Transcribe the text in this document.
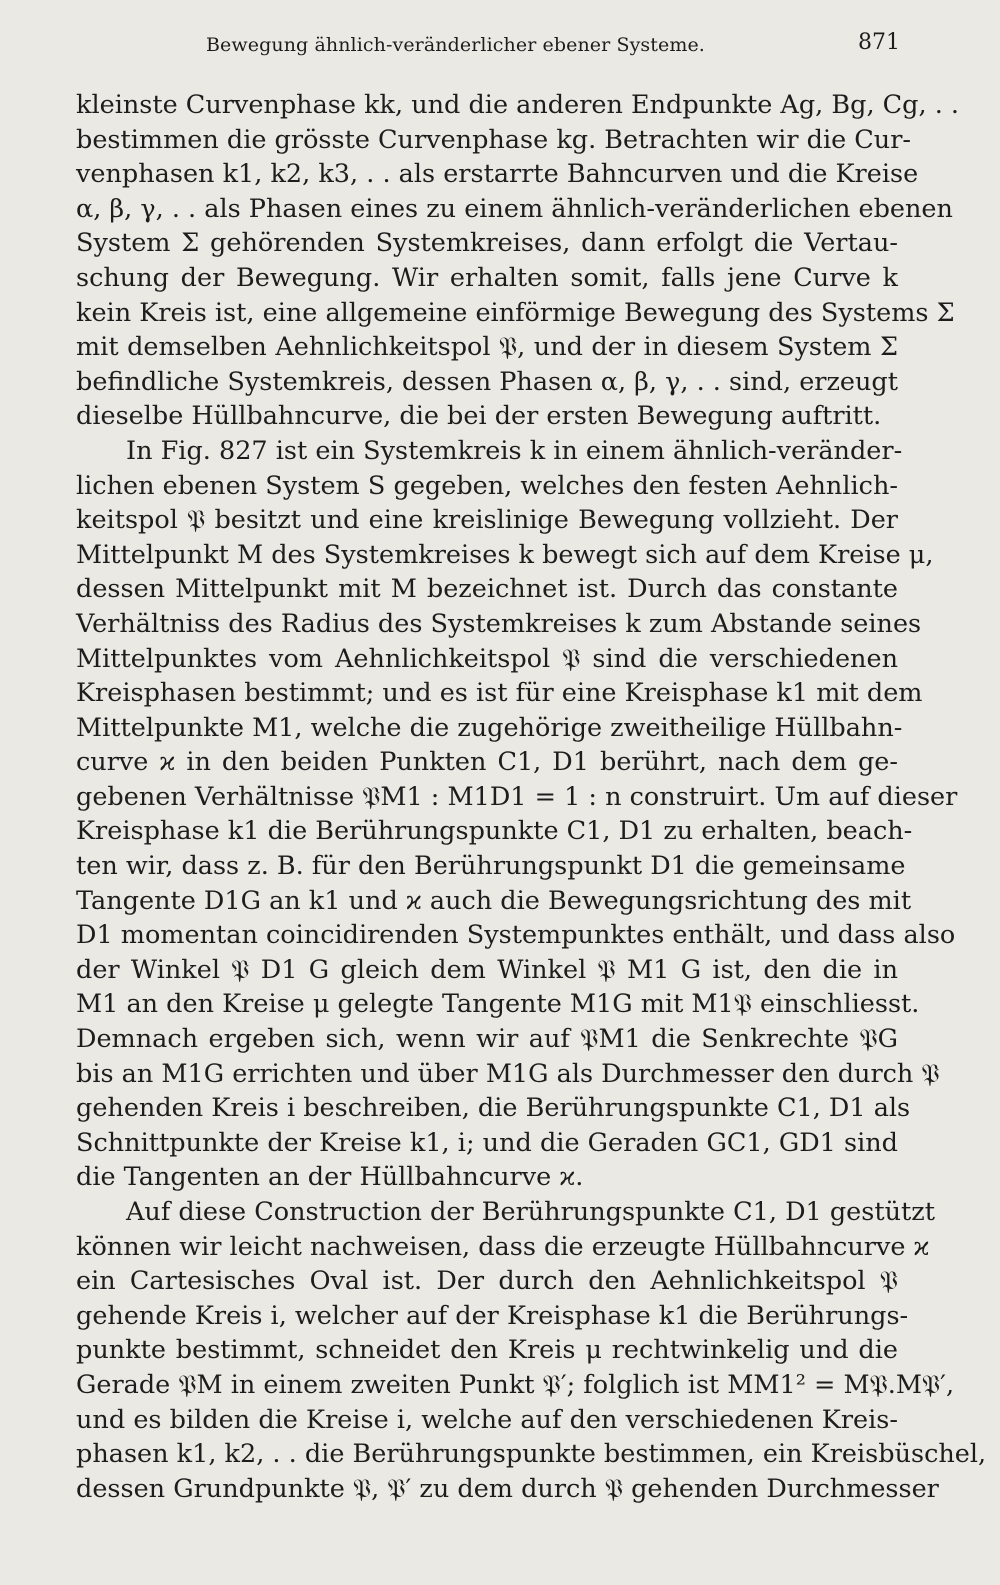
Bewegung ähnlich-veränderlicher ebener Systeme.	871
kleinste Curvenphase kk, und die anderen Endpunkte Ag, Bg, Cg, . .
bestimmen die grösste Curvenphase kg. Betrachten wir die Cur-
venphasen k1, k2, k3, . . als erstarrte Bahncurven und die Kreise
α, β, γ, . . als Phasen eines zu einem ähnlich-veränderlichen ebenen
System Σ gehörenden Systemkreises, dann erfolgt die Vertau-
schung der Bewegung. Wir erhalten somit, falls jene Curve k
kein Kreis ist, eine allgemeine einförmige Bewegung des Systems Σ
mit demselben Aehnlichkeitspol 𝔓, und der in diesem System Σ
befindliche Systemkreis, dessen Phasen α, β, γ, . . sind, erzeugt
dieselbe Hüllbahncurve, die bei der ersten Bewegung auftritt.
In Fig. 827 ist ein Systemkreis k in einem ähnlich-veränder-
lichen ebenen System S gegeben, welches den festen Aehnlich-
keitspol 𝔓 besitzt und eine kreislinige Bewegung vollzieht. Der
Mittelpunkt M des Systemkreises k bewegt sich auf dem Kreise μ,
dessen Mittelpunkt mit M bezeichnet ist. Durch das constante
Verhältniss des Radius des Systemkreises k zum Abstande seines
Mittelpunktes vom Aehnlichkeitspol 𝔓 sind die verschiedenen
Kreisphasen bestimmt; und es ist für eine Kreisphase k1 mit dem
Mittelpunkte M1, welche die zugehörige zweitheilige Hüllbahn-
curve ϰ in den beiden Punkten C1, D1 berührt, nach dem ge-
gebenen Verhältnisse 𝔓M1 : M1D1 = 1 : n construirt. Um auf dieser
Kreisphase k1 die Berührungspunkte C1, D1 zu erhalten, beach-
ten wir, dass z. B. für den Berührungspunkt D1 die gemeinsame
Tangente D1G an k1 und ϰ auch die Bewegungsrichtung des mit
D1 momentan coincidirenden Systempunktes enthält, und dass also
der Winkel 𝔓 D1 G gleich dem Winkel 𝔓 M1 G ist, den die in
M1 an den Kreise μ gelegte Tangente M1G mit M1𝔓 einschliesst.
Demnach ergeben sich, wenn wir auf 𝔓M1 die Senkrechte 𝔓G
bis an M1G errichten und über M1G als Durchmesser den durch 𝔓
gehenden Kreis i beschreiben, die Berührungspunkte C1, D1 als
Schnittpunkte der Kreise k1, i; und die Geraden GC1, GD1 sind
die Tangenten an der Hüllbahncurve ϰ.
Auf diese Construction der Berührungspunkte C1, D1 gestützt
können wir leicht nachweisen, dass die erzeugte Hüllbahncurve ϰ
ein Cartesisches Oval ist. Der durch den Aehnlichkeitspol 𝔓
gehende Kreis i, welcher auf der Kreisphase k1 die Berührungs-
punkte bestimmt, schneidet den Kreis μ rechtwinkelig und die
Gerade 𝔓M in einem zweiten Punkt 𝔓′; folglich ist MM1² = M𝔓.M𝔓′,
und es bilden die Kreise i, welche auf den verschiedenen Kreis-
phasen k1, k2, . . die Berührungspunkte bestimmen, ein Kreisbüschel,
dessen Grundpunkte 𝔓, 𝔓′ zu dem durch 𝔓 gehenden Durchmesser
